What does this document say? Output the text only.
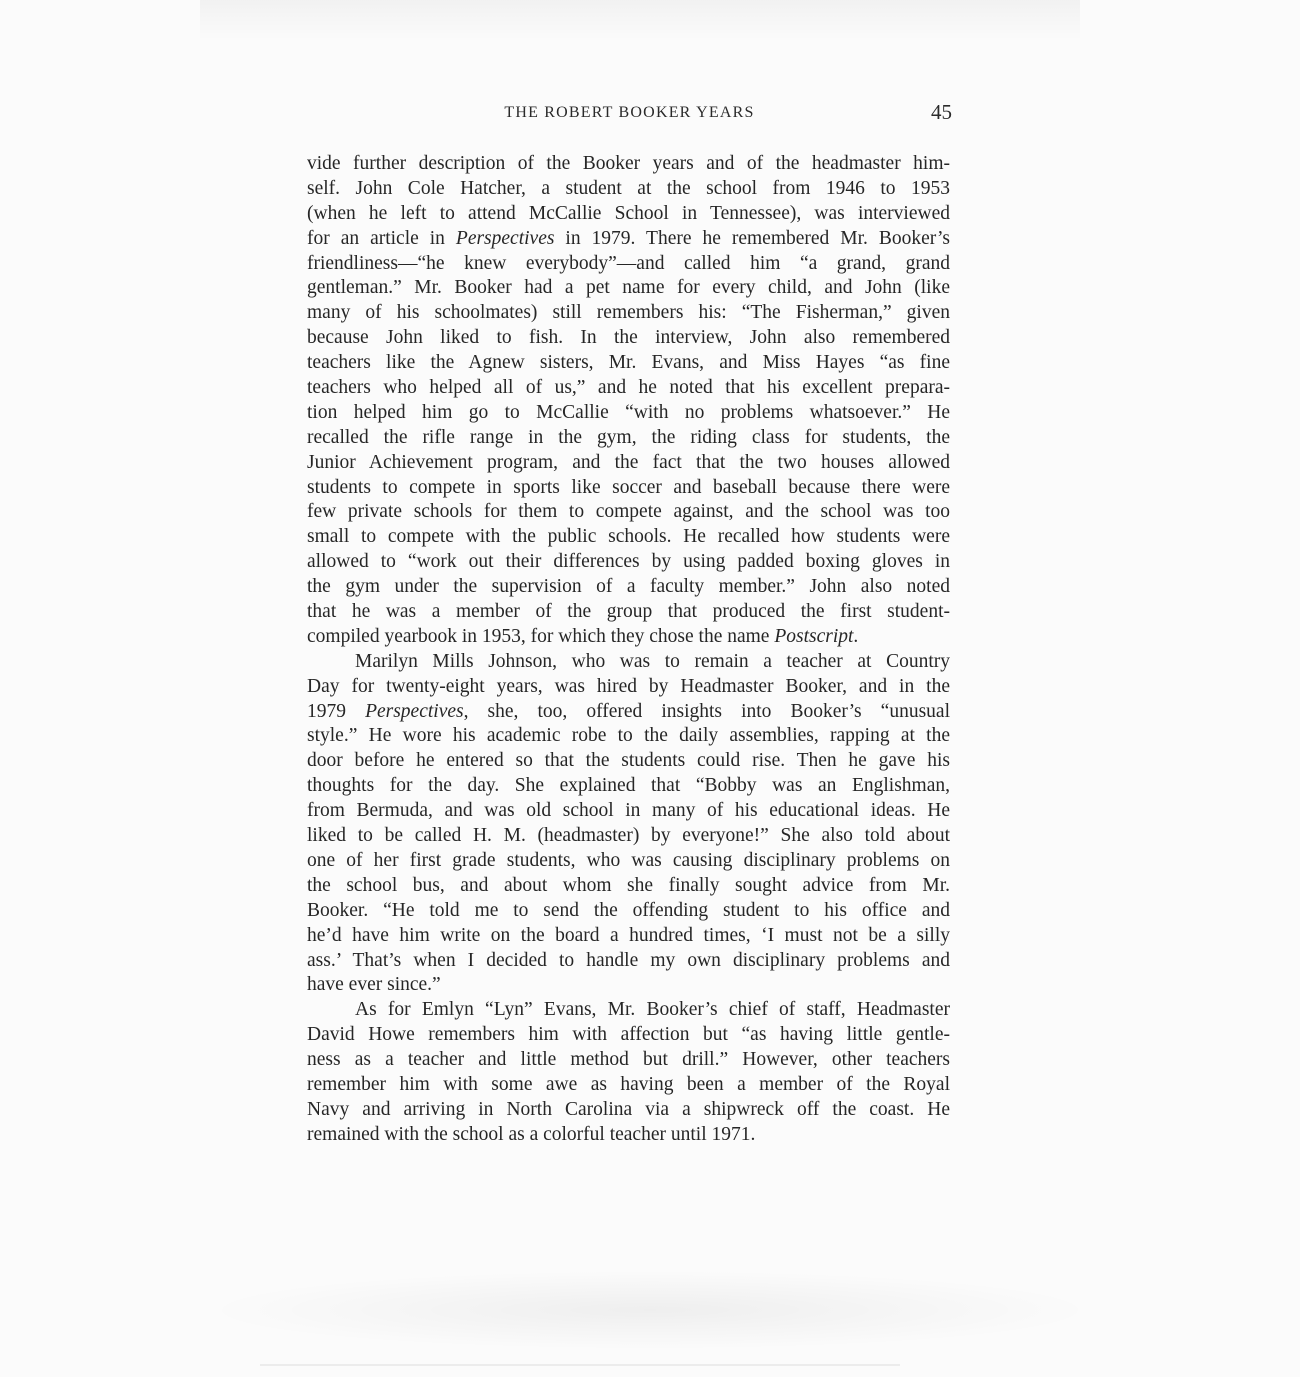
THE ROBERT BOOKER YEARS	45
vide further description of the Booker years and of the headmaster him-
self. John Cole Hatcher, a student at the school from 1946 to 1953
(when he left to attend McCallie School in Tennessee), was interviewed
for an article in Perspectives in 1979. There he remembered Mr. Booker’s
friendliness—“he knew everybody”—and called him “a grand, grand
gentleman.” Mr. Booker had a pet name for every child, and John (like
many of his schoolmates) still remembers his: “The Fisherman,” given
because John liked to fish. In the interview, John also remembered
teachers like the Agnew sisters, Mr. Evans, and Miss Hayes “as fine
teachers who helped all of us,” and he noted that his excellent prepara-
tion helped him go to McCallie “with no problems whatsoever.” He
recalled the rifle range in the gym, the riding class for students, the
Junior Achievement program, and the fact that the two houses allowed
students to compete in sports like soccer and baseball because there were
few private schools for them to compete against, and the school was too
small to compete with the public schools. He recalled how students were
allowed to “work out their differences by using padded boxing gloves in
the gym under the supervision of a faculty member.” John also noted
that he was a member of the group that produced the first student-
compiled yearbook in 1953, for which they chose the name Postscript.
Marilyn Mills Johnson, who was to remain a teacher at Country
Day for twenty-eight years, was hired by Headmaster Booker, and in the
1979 Perspectives, she, too, offered insights into Booker’s “unusual
style.” He wore his academic robe to the daily assemblies, rapping at the
door before he entered so that the students could rise. Then he gave his
thoughts for the day. She explained that “Bobby was an Englishman,
from Bermuda, and was old school in many of his educational ideas. He
liked to be called H. M. (headmaster) by everyone!” She also told about
one of her first grade students, who was causing disciplinary problems on
the school bus, and about whom she finally sought advice from Mr.
Booker. “He told me to send the offending student to his office and
he’d have him write on the board a hundred times, ‘I must not be a silly
ass.’ That’s when I decided to handle my own disciplinary problems and
have ever since.”
As for Emlyn “Lyn” Evans, Mr. Booker’s chief of staff, Headmaster
David Howe remembers him with affection but “as having little gentle-
ness as a teacher and little method but drill.” However, other teachers
remember him with some awe as having been a member of the Royal
Navy and arriving in North Carolina via a shipwreck off the coast. He
remained with the school as a colorful teacher until 1971.
